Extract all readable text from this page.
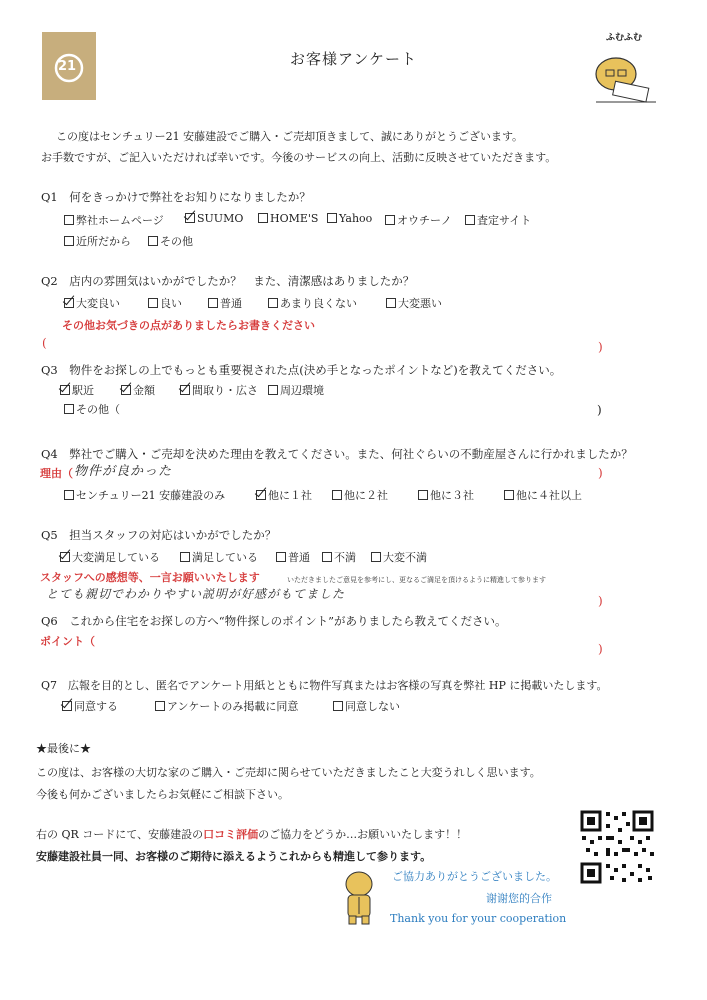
21	お客様アンケート
ふむふむ
この度はセンチュリー21 安藤建設でご購入・ご売却頂きまして、誠にありがとうございます。
お手数ですが、ご記入いただければ幸いです。今後のサービスの向上、活動に反映させていただきます。
Q1　何をきっかけで弊社をお知りになりましたか？
弊社ホームページ	SUUMO	HOME'S	Yahoo	オウチーノ	査定サイト
近所だから	その他
Q2　店内の雰囲気はいかがでしたか？　また、清潔感はありましたか？
大変良い	良い	普通	あまり良くない	大変悪い
その他お気づきの点がありましたらお書きください
(	)
Q3　物件をお探しの上でもっとも重要視された点(決め手となったポイントなど)を教えてください。
駅近	金額	間取り・広さ	周辺環境
その他（	)
Q4　弊社でご購入・ご売却を決めた理由を教えてください。また、何社ぐらいの不動産屋さんに行かれましたか？
理由（ 物件が良かった	)
センチュリー21 安藤建設のみ	他に１社	他に２社	他に３社	他に４社以上
Q5　担当スタッフの対応はいかがでしたか？
大変満足している	満足している	普通	不満	大変不満
スタッフへの感想等、一言お願いいたします	いただきましたご意見を参考にし、更なるご満足を頂けるように精進して参ります
とても親切でわかりやすい説明が好感がもてました	)
Q6　これから住宅をお探しの方へ“物件探しのポイント”がありましたら教えてください。
ポイント（
)
Q7　広報を目的とし、匿名でアンケート用紙とともに物件写真またはお客様の写真を弊社 HP に掲載いたします。
同意する	アンケートのみ掲載に同意	同意しない
★最後に★
この度は、お客様の大切な家のご購入・ご売却に関らせていただきましたこと大変うれしく思います。
今後も何かございましたらお気軽にご相談下さい。
右の QR コードにて、安藤建設の口コミ評価のご協力をどうか…お願いいたします！！
安藤建設社員一同、お客様のご期待に添えるようこれからも精進して参ります。
ご協力ありがとうございました。
谢谢您的合作
Thank you for your cooperation
